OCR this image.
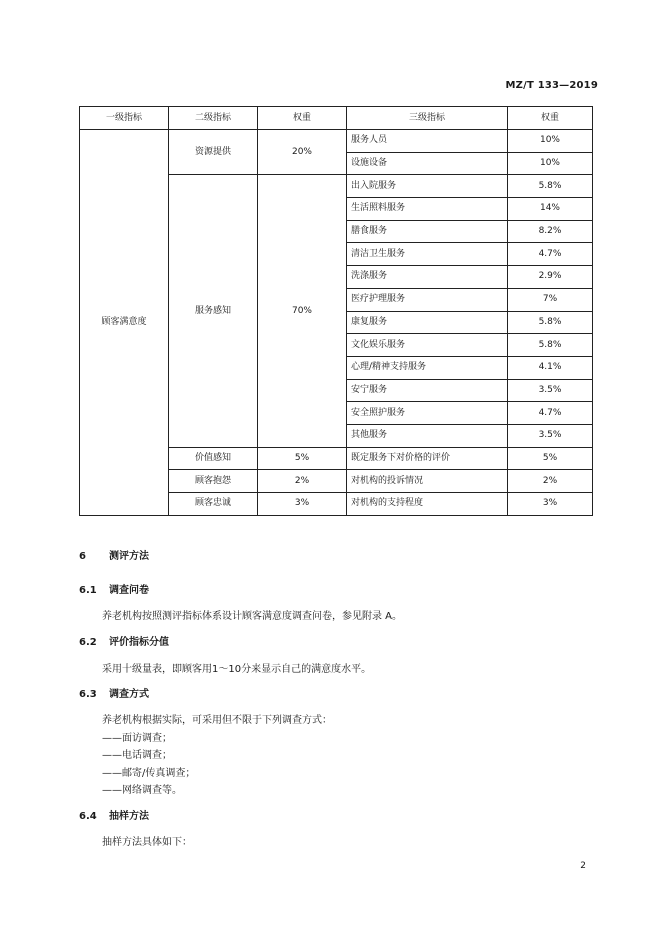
MZ/T 133—2019
一级指标	二级指标	权重	三级指标	权重
顾客满意度	资源提供	20%	服务人员	10%
			设施设备	10%
	服务感知	70%	出入院服务	5.8%
			生活照料服务	14%
			膳食服务	8.2%
			清洁卫生服务	4.7%
			洗涤服务	2.9%
			医疗护理服务	7%
			康复服务	5.8%
			文化娱乐服务	5.8%
			心理/精神支持服务	4.1%
			安宁服务	3.5%
			安全照护服务	4.7%
			其他服务	3.5%
	价值感知	5%	既定服务下对价格的评价	5%
	顾客抱怨	2%	对机构的投诉情况	2%
	顾客忠诚	3%	对机构的支持程度	3%
6 测评方法
6.1 调查问卷
养老机构按照测评指标体系设计顾客满意度调查问卷，参见附录 A。
6.2 评价指标分值
采用十级量表，即顾客用1～10分来显示自己的满意度水平。
6.3 调查方式
养老机构根据实际，可采用但不限于下列调查方式：
——面访调查；
——电话调查；
——邮寄/传真调查；
——网络调查等。
6.4 抽样方法
抽样方法具体如下：
2
